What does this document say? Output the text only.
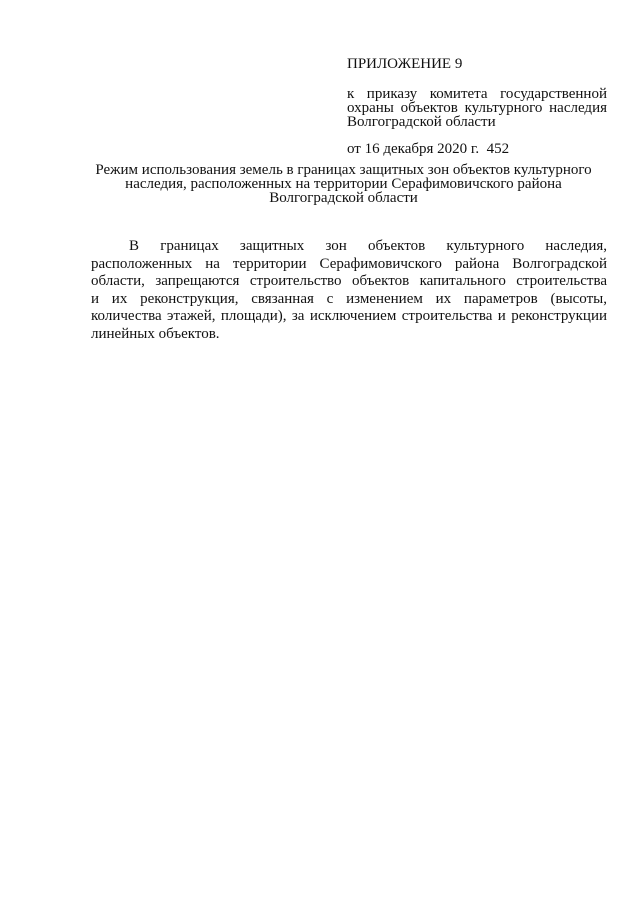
ПРИЛОЖЕНИЕ 9
к приказу комитета государственной
охраны объектов культурного наследия
Волгоградской области
от 16 декабря 2020 г.  452
Режим использования земель в границах защитных зон объектов культурного
наследия, расположенных на территории Серафимовичского района
Волгоградской области
В границах защитных зон объектов культурного наследия,
расположенных на территории Серафимовичского района Волгоградской
области, запрещаются строительство объектов капитального строительства
и их реконструкция, связанная с изменением их параметров (высоты,
количества этажей, площади), за исключением строительства и реконструкции
линейных объектов.
